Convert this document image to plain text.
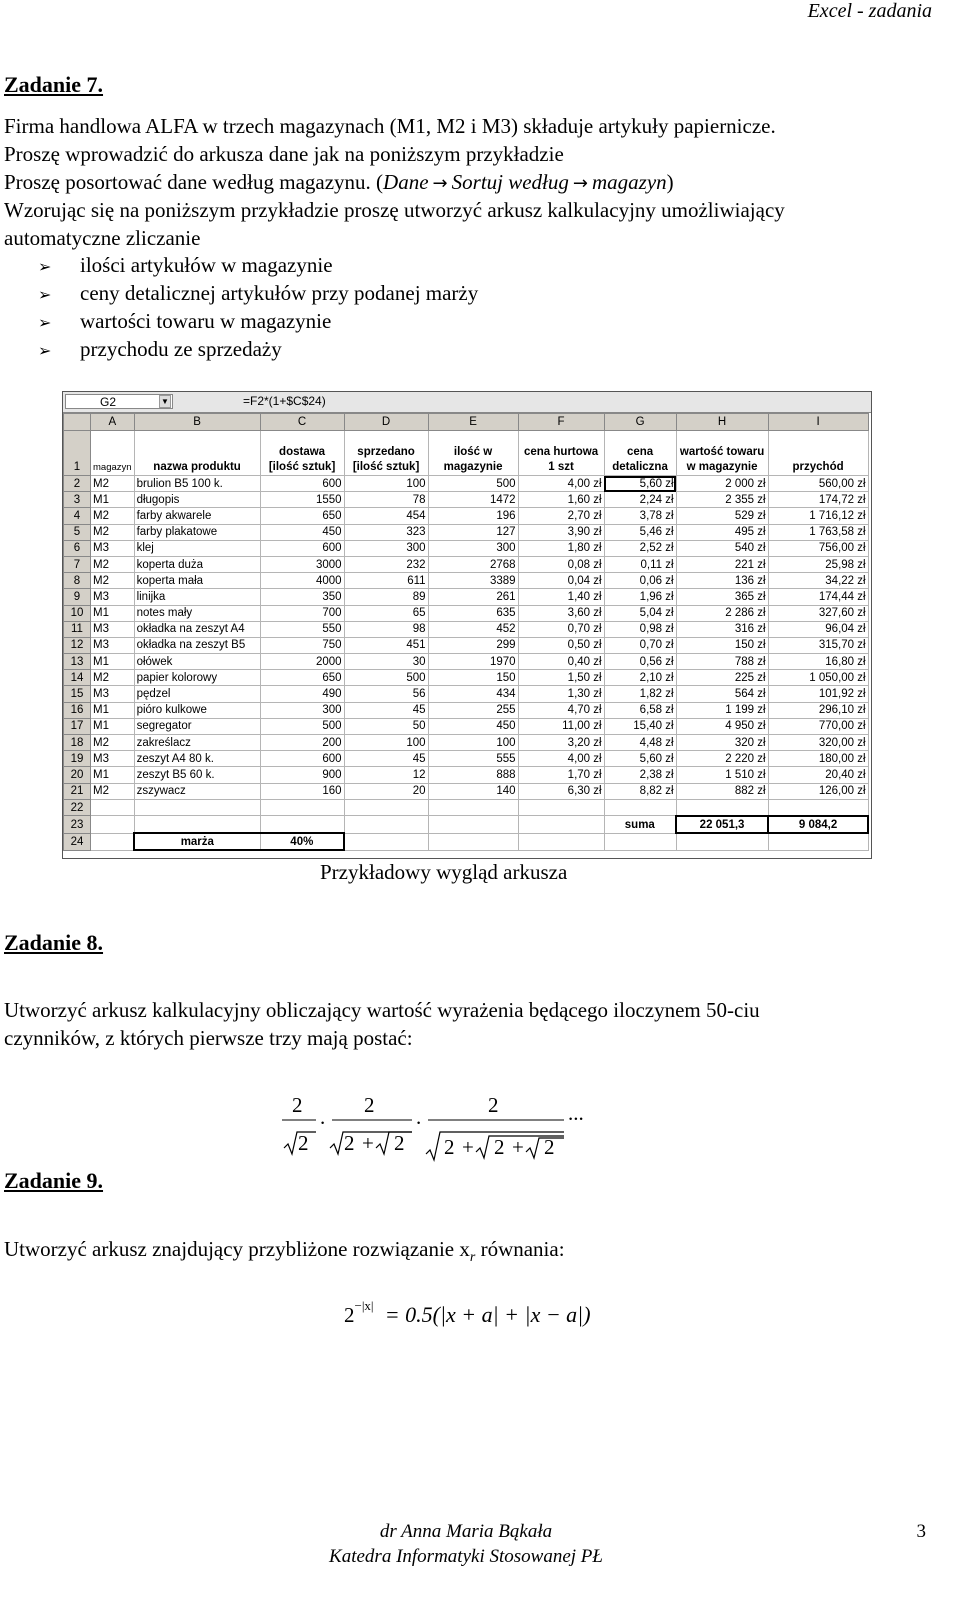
Excel - zadania
Zadanie 7.
Firma handlowa ALFA w trzech magazynach (M1, M2 i M3) składuje artykuły papiernicze.
Proszę wprowadzić do arkusza dane jak na poniższym przykładzie
Proszę posortować dane według magazynu. (Dane → Sortuj według → magazyn)
Wzorując się na poniższym przykładzie proszę utworzyć arkusz kalkulacyjny umożliwiający
automatyczne zliczanie
➢ ilości artykułów w magazynie
➢ ceny detalicznej artykułów przy podanej marży
➢ wartości towaru w magazynie
➢ przychodu ze sprzedaży
G2	▼	=F2*(1+$C$24)
	A	B	C	D	E	F	G	H	I
1	magazyn	nazwa produktu	dostawa [ilość sztuk]	sprzedano [ilość sztuk]	ilość w magazynie	cena hurtowa 1 szt	cena detaliczna	wartość towaru w magazynie	przychód
2	M2	brulion B5 100 k.	600	100	500	4,00 zł	5,60 zł	2 000 zł	560,00 zł
3	M1	długopis	1550	78	1472	1,60 zł	2,24 zł	2 355 zł	174,72 zł
4	M2	farby akwarele	650	454	196	2,70 zł	3,78 zł	529 zł	1 716,12 zł
5	M2	farby plakatowe	450	323	127	3,90 zł	5,46 zł	495 zł	1 763,58 zł
6	M3	klej	600	300	300	1,80 zł	2,52 zł	540 zł	756,00 zł
7	M2	koperta duża	3000	232	2768	0,08 zł	0,11 zł	221 zł	25,98 zł
8	M2	koperta mała	4000	611	3389	0,04 zł	0,06 zł	136 zł	34,22 zł
9	M3	linijka	350	89	261	1,40 zł	1,96 zł	365 zł	174,44 zł
10	M1	notes mały	700	65	635	3,60 zł	5,04 zł	2 286 zł	327,60 zł
11	M3	okładka na zeszyt A4	550	98	452	0,70 zł	0,98 zł	316 zł	96,04 zł
12	M3	okładka na zeszyt B5	750	451	299	0,50 zł	0,70 zł	150 zł	315,70 zł
13	M1	ołówek	2000	30	1970	0,40 zł	0,56 zł	788 zł	16,80 zł
14	M2	papier kolorowy	650	500	150	1,50 zł	2,10 zł	225 zł	1 050,00 zł
15	M3	pędzel	490	56	434	1,30 zł	1,82 zł	564 zł	101,92 zł
16	M1	pióro kulkowe	300	45	255	4,70 zł	6,58 zł	1 199 zł	296,10 zł
17	M1	segregator	500	50	450	11,00 zł	15,40 zł	4 950 zł	770,00 zł
18	M2	zakreślacz	200	100	100	3,20 zł	4,48 zł	320 zł	320,00 zł
19	M3	zeszyt A4 80 k.	600	45	555	4,00 zł	5,60 zł	2 220 zł	180,00 zł
20	M1	zeszyt B5 60 k.	900	12	888	1,70 zł	2,38 zł	1 510 zł	20,40 zł
21	M2	zszywacz	160	20	140	6,30 zł	8,82 zł	882 zł	126,00 zł
22									
23							suma	22 051,3	9 084,2
24		marża	40%						
Przykładowy wygląd arkusza
Zadanie 8.
Utworzyć arkusz kalkulacyjny obliczający wartość wyrażenia będącego iloczynem 50-ciu
czynników, z których pierwsze trzy mają postać:
2
2
. 2
2 + 2
.	2
2 + 2 + 2
...
Zadanie 9.
Utworzyć arkusz znajdujący przybliżone rozwiązanie $x_r$ równania:
$2^{-|x|} = 0.5(|x + a| + |x - a|)$
dr Anna Maria Bąkała
Katedra Informatyki Stosowanej PŁ
3
